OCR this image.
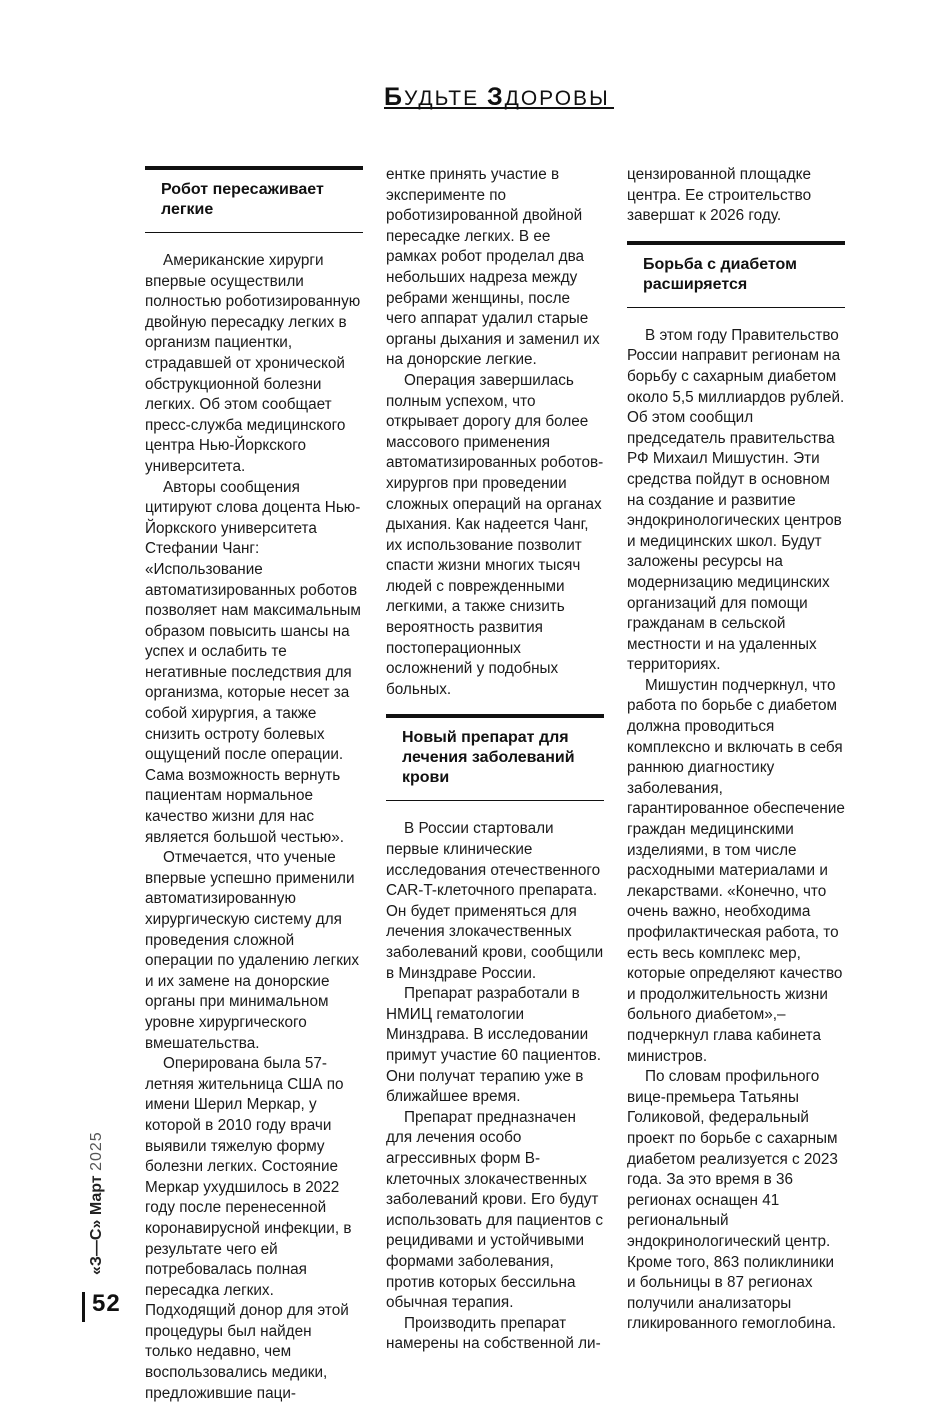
БУДЬТЕ ЗДОРОВЫ
Робот пересаживает легкие

Американские хирурги впервые осуществили полностью роботизированную двойную пересадку легких в организм пациентки, страдавшей от хронической обструкционной болезни легких. Об этом сообщает пресс-служба медицинского центра Нью-Йоркского университета.

Авторы сообщения цитируют слова доцента Нью-Йоркского университета Стефании Чанг: «Использование автоматизированных роботов позволяет нам максимальным образом повысить шансы на успех и ослабить те негативные последствия для организма, которые несет за собой хирургия, а также снизить остроту болевых ощущений после операции. Сама возможность вернуть пациентам нормальное качество жизни для нас является большой честью».

Отмечается, что ученые впервые успешно применили автоматизированную хирургическую систему для проведения сложной операции по удалению легких и их замене на донорские органы при минимальном уровне хирургического вмешательства.

Оперирована была 57-летняя жительница США по имени Шерил Меркар, у которой в 2010 году врачи выявили тяжелую форму болезни легких. Состояние Меркар ухудшилось в 2022 году после перенесенной коронавирусной инфекции, в результате чего ей потребовалась полная пересадка легких. Подходящий донор для этой процедуры был найден только недавно, чем воспользовались медики, предложившие паци-

ентке принять участие в эксперименте по роботизированной двойной пересадке легких. В ее рамках робот проделал два небольших надреза между ребрами женщины, после чего аппарат удалил старые органы дыхания и заменил их на донорские легкие.

Операция завершилась полным успехом, что открывает дорогу для более массового применения автоматизированных роботов-хирургов при проведении сложных операций на органах дыхания. Как надеется Чанг, их использование позволит спасти жизни многих тысяч людей с поврежденными легкими, а также снизить вероятность развития постоперационных осложнений у подобных больных.

Новый препарат для лечения заболеваний крови

В России стартовали первые клинические исследования отечественного CAR-T-клеточного препарата. Он будет применяться для лечения злокачественных заболеваний крови, сообщили в Минздраве России.

Препарат разработали в НМИЦ гематологии Минздрава. В исследовании примут участие 60 пациентов. Они получат терапию уже в ближайшее время.

Препарат предназначен для лечения особо агрессивных форм В-клеточных злокачественных заболеваний крови. Его будут использовать для пациентов с рецидивами и устойчивыми формами заболевания, против которых бессильна обычная терапия.

Производить препарат намерены на собственной ли-

цензированной площадке центра. Ее строительство завершат к 2026 году.

Борьба с диабетом расширяется

В этом году Правительство России направит регионам на борьбу с сахарным диабетом около 5,5 миллиардов рублей. Об этом сообщил председатель правительства РФ Михаил Мишустин. Эти средства пойдут в основном на создание и развитие эндокринологических центров и медицинских школ. Будут заложены ресурсы на модернизацию медицинских организаций для помощи гражданам в сельской местности и на удаленных территориях.

Мишустин подчеркнул, что работа по борьбе с диабетом должна проводиться комплексно и включать в себя раннюю диагностику заболевания, гарантированное обеспечение граждан медицинскими изделиями, в том числе расходными материалами и лекарствами. «Конечно, что очень важно, необходима профилактическая работа, то есть весь комплекс мер, которые определяют качество и продолжительность жизни больного диабетом»,– подчеркнул глава кабинета министров.

По словам профильного вице-премьера Татьяны Голиковой, федеральный проект по борьбе с сахарным диабетом реализуется с 2023 года. За это время в 36 регионах оснащен 41 региональный эндокринологический центр. Кроме того, 863 поликлиники и больницы в 87 регионах получили анализаторы гликированного гемоглобина.

«З—С» Март 2025
52
